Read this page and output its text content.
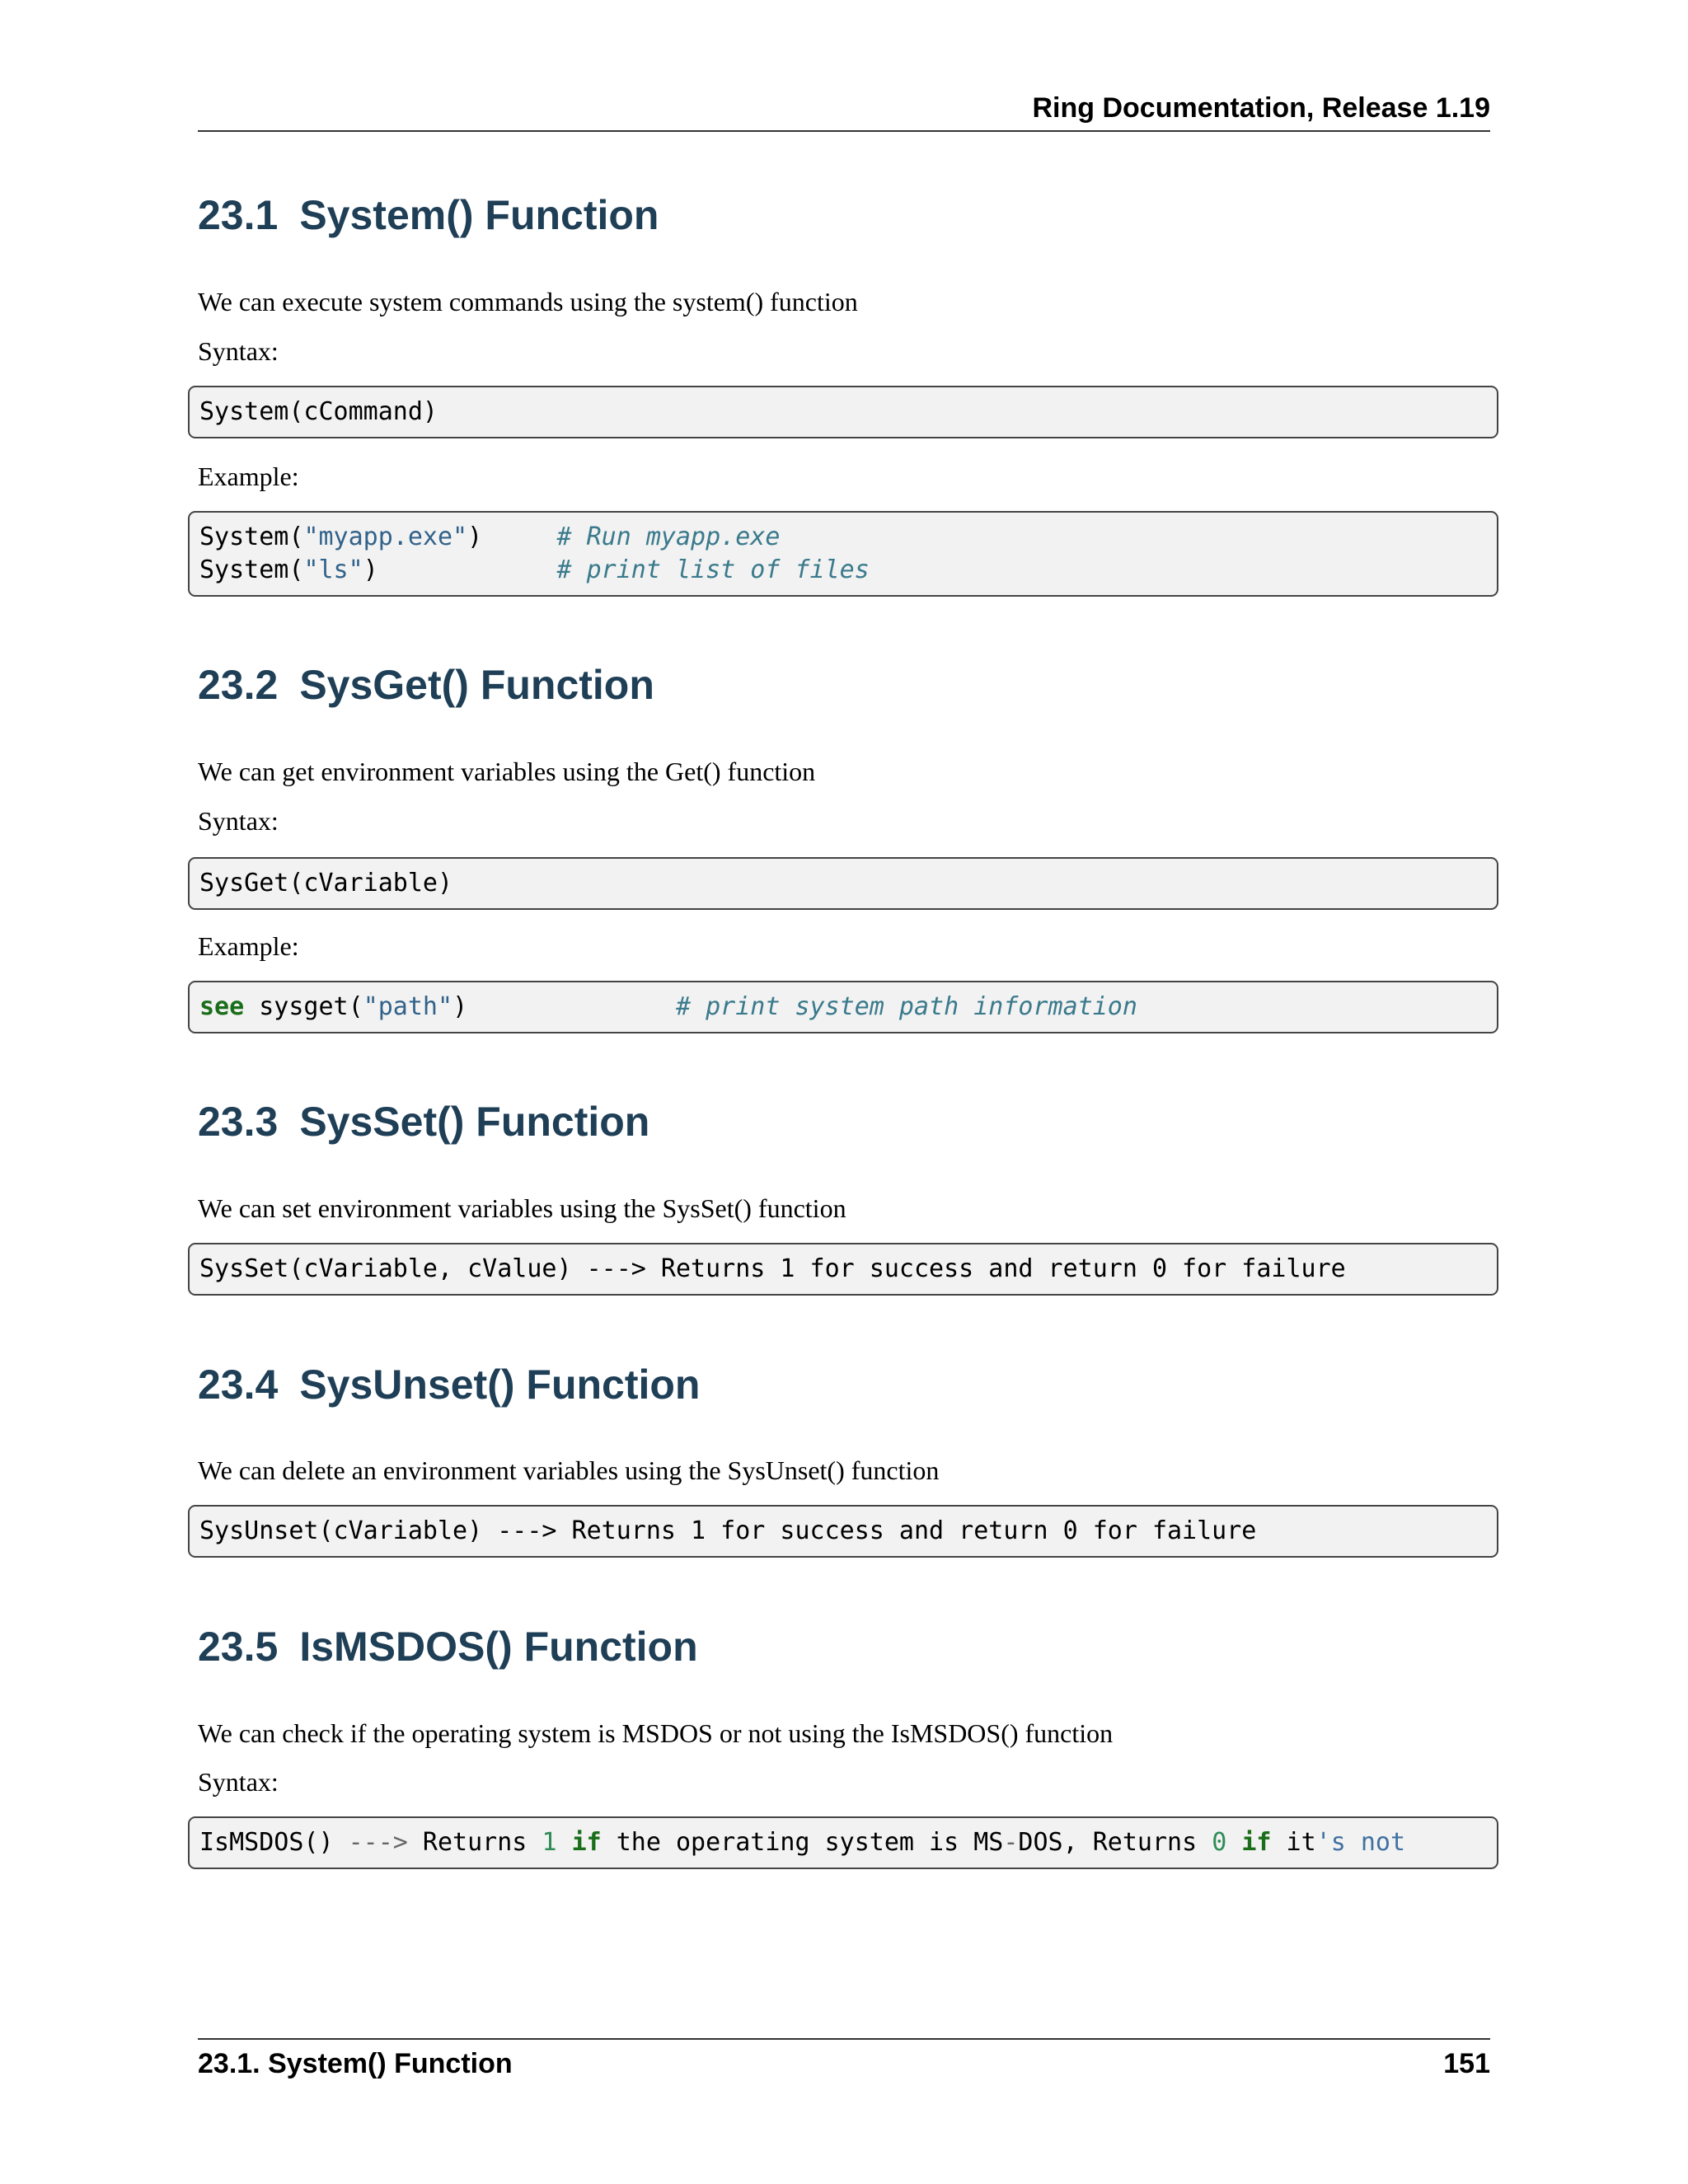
Ring Documentation, Release 1.19
23.1 System() Function

We can execute system commands using the system() function

Syntax:

System(cCommand)

Example:

System("myapp.exe")     # Run myapp.exe
System("ls")            # print list of files
23.2 SysGet() Function

We can get environment variables using the Get() function

Syntax:

SysGet(cVariable)

Example:

see sysget("path")              # print system path information
23.3 SysSet() Function

We can set environment variables using the SysSet() function

SysSet(cVariable, cValue) ---> Returns 1 for success and return 0 for failure
23.4 SysUnset() Function

We can delete an environment variables using the SysUnset() function

SysUnset(cVariable) ---> Returns 1 for success and return 0 for failure
23.5 IsMSDOS() Function

We can check if the operating system is MSDOS or not using the IsMSDOS() function

Syntax:

IsMSDOS() ---> Returns 1 if the operating system is MS-DOS, Returns 0 if it's not
23.1. System() Function	151
